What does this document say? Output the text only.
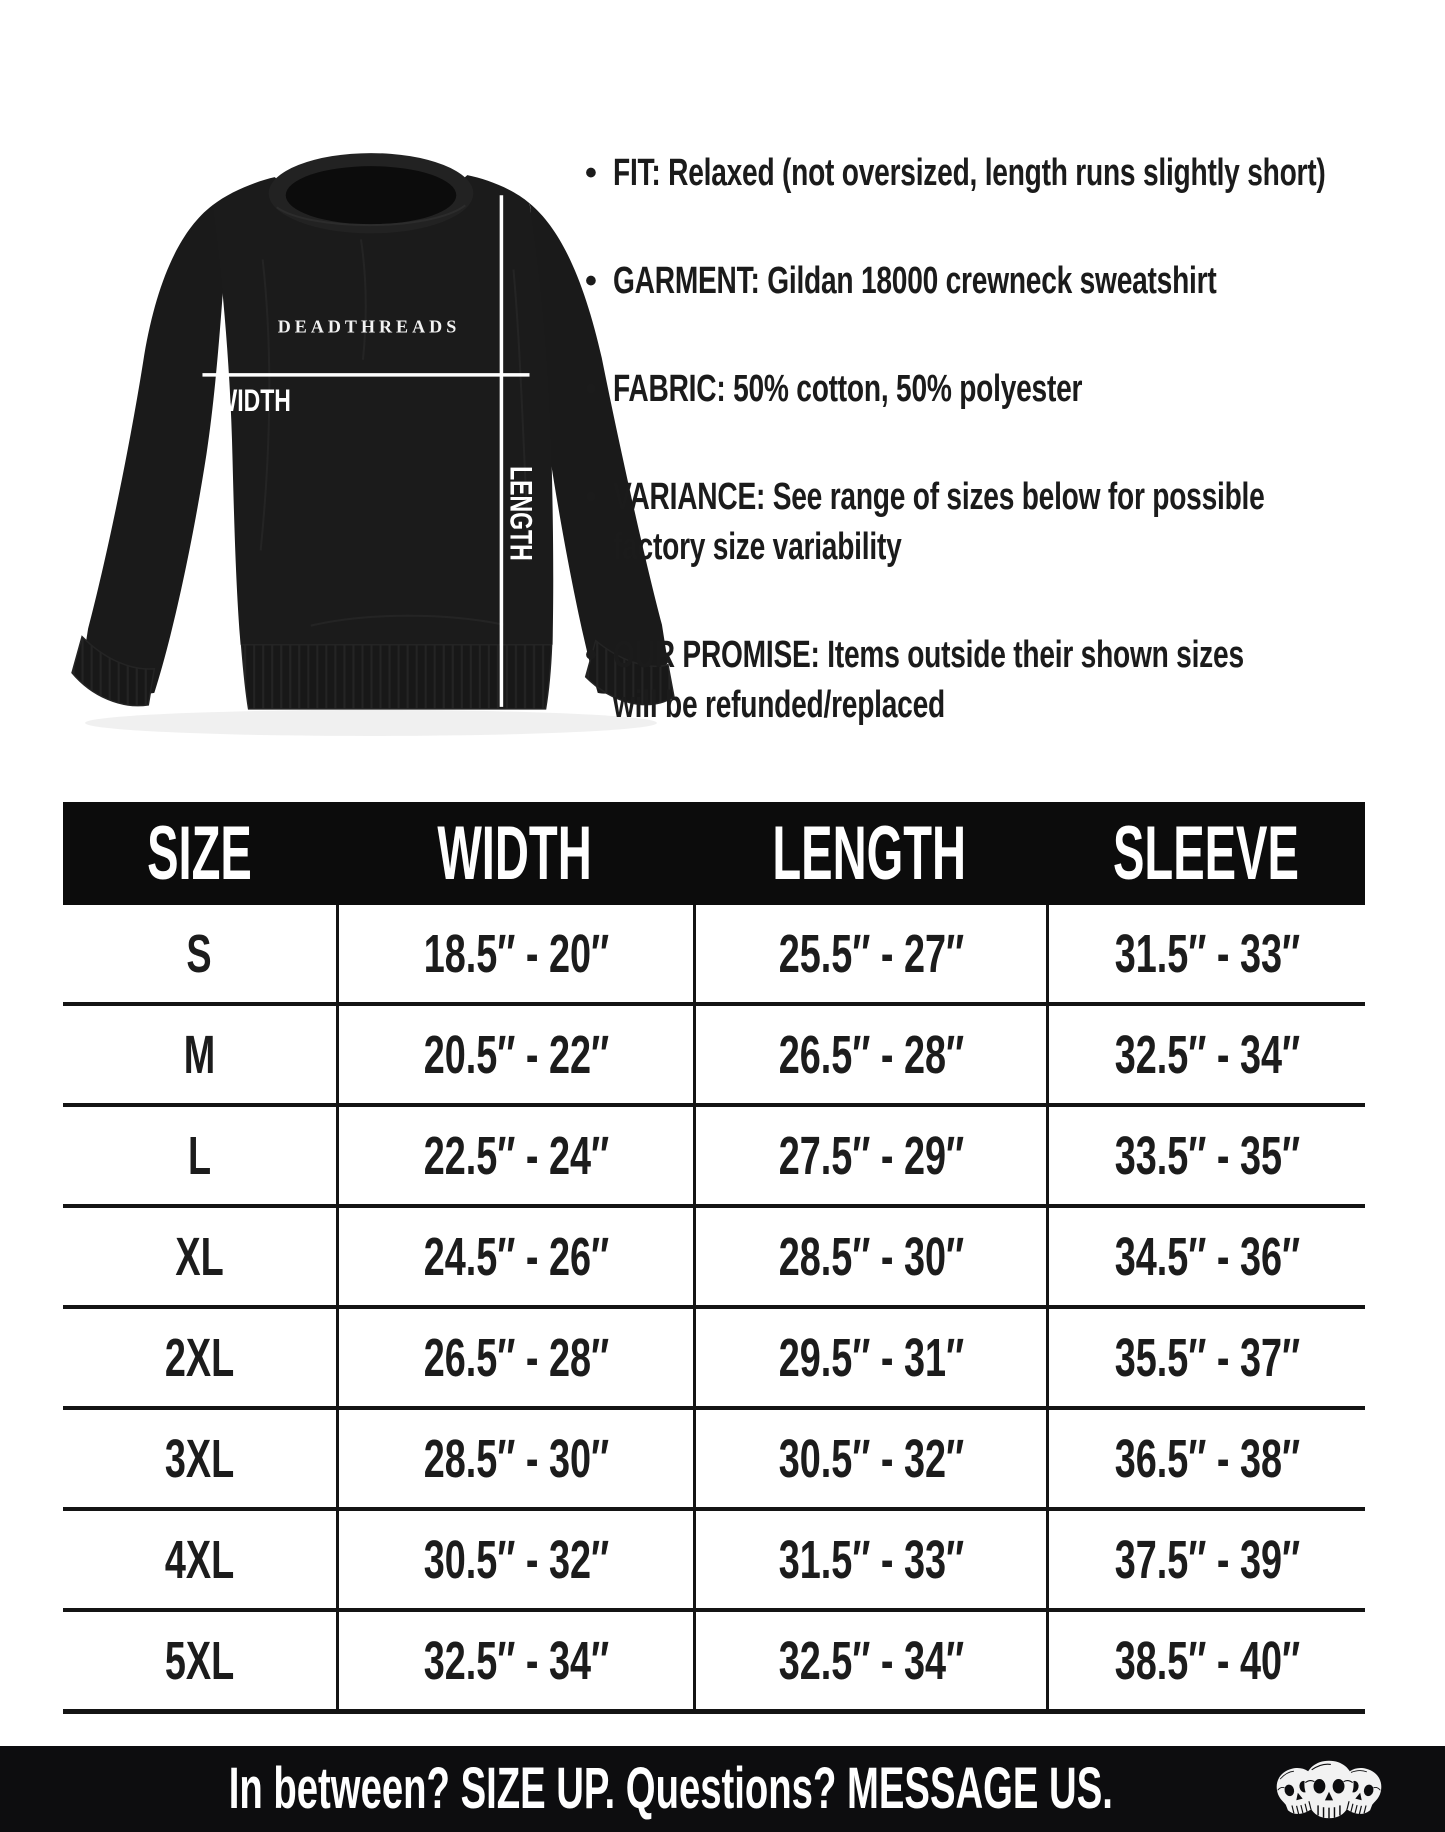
DEADTHREADS
WIDTH
LENGTH
• FIT: Relaxed (not oversized, length runs slightly short)
• GARMENT: Gildan 18000 crewneck sweatshirt
• FABRIC: 50% cotton, 50% polyester
• VARIANCE: See range of sizes below for possible
factory size variability
• OUR PROMISE: Items outside their shown sizes
will be refunded/replaced
SIZE	WIDTH	LENGTH	SLEEVE
S	18.5″ - 20″	25.5″ - 27″	31.5″ - 33″
M	20.5″ - 22″	26.5″ - 28″	32.5″ - 34″
L	22.5″ - 24″	27.5″ - 29″	33.5″ - 35″
XL	24.5″ - 26″	28.5″ - 30″	34.5″ - 36″
2XL	26.5″ - 28″	29.5″ - 31″	35.5″ - 37″
3XL	28.5″ - 30″	30.5″ - 32″	36.5″ - 38″
4XL	30.5″ - 32″	31.5″ - 33″	37.5″ - 39″
5XL	32.5″ - 34″	32.5″ - 34″	38.5″ - 40″
In between? SIZE UP. Questions? MESSAGE US.
